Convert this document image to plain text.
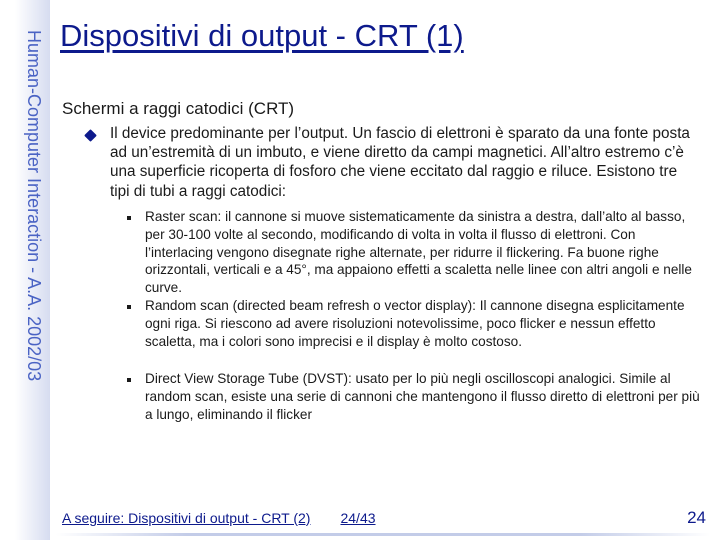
Human-Computer Interaction - A.A. 2002/03 Dispositivi di output - CRT (1)
Schermi a raggi catodici (CRT)
Il device predominante per l’output. Un fascio di elettroni è sparato da una fonte posta ad un’estremità di un imbuto, e viene diretto da campi magnetici. All’altro estremo c’è una superficie ricoperta di fosforo che viene eccitato dal raggio e riluce. Esistono tre tipi di tubi a raggi catodici:
Raster scan: il cannone si muove sistematicamente da sinistra a destra, dall’alto al basso, per 30-100 volte al secondo, modificando di volta in volta il flusso di elettroni. Con l’interlacing vengono disegnate righe alternate, per ridurre il flickering. Fa buone righe orizzontali, verticali e a 45°, ma appaiono effetti a scaletta nelle linee con altri angoli e nelle curve.
Random scan (directed beam refresh o vector display): Il cannone disegna esplicitamente ogni riga. Si riescono ad avere risoluzioni notevolissime, poco flicker e nessun effetto scaletta, ma i colori sono imprecisi e il display è molto costoso.
Direct View Storage Tube (DVST): usato per lo più negli oscilloscopi analogici. Simile al random scan, esiste una serie di cannoni che mantengono il flusso diretto di elettroni per più a lungo, eliminando il flicker
A seguire: Dispositivi di output - CRT (2) 24/43	24
